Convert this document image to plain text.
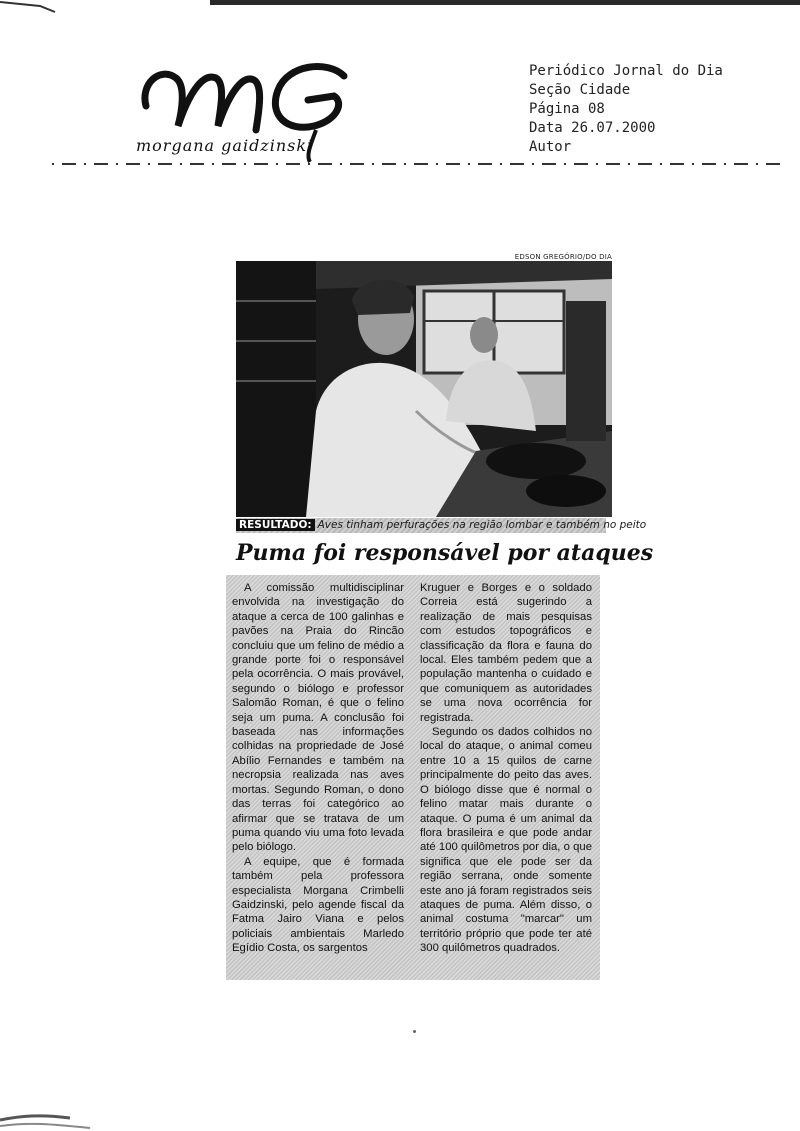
MG
morgana gaidzinski
Periódico Jornal do Dia
Seção Cidade
Página 08
Data 26.07.2000
Autor
EDSON GREGÓRIO/DO DIA
RESULTADO: Aves tinham perfurações na região lombar e também no peito
Puma foi responsável por ataques

A comissão multidisciplinar envolvida na investigação do ataque a cerca de 100 galinhas e pavões na Praia do Rincão concluiu que um felino de médio a grande porte foi o responsável pela ocorrência. O mais provável, segundo o biólogo e professor Salomão Roman, é que o felino seja um puma. A conclusão foi baseada nas informações colhidas na propriedade de José Abílio Fernandes e também na necropsia realizada nas aves mortas. Segundo Roman, o dono das terras foi categórico ao afirmar que se tratava de um puma quando viu uma foto levada pelo biólogo.

A equipe, que é formada também pela professora especialista Morgana Crimbelli Gaidzinski, pelo agende fiscal da Fatma Jairo Viana e pelos policiais ambientais Marledo Egídio Costa, os sargentos

Kruguer e Borges e o soldado Correia está sugerindo a realização de mais pesquisas com estudos topográficos e classificação da flora e fauna do local. Eles também pedem que a população mantenha o cuidado e que comuniquem as autoridades se uma nova ocorrência for registrada.

Segundo os dados colhidos no local do ataque, o animal comeu entre 10 a 15 quilos de carne principalmente do peito das aves. O biólogo disse que é normal o felino matar mais durante o ataque. O puma é um animal da flora brasileira e que pode andar até 100 quilômetros por dia, o que significa que ele pode ser da região serrana, onde somente este ano já foram registrados seis ataques de puma. Além disso, o animal costuma "marcar" um território próprio que pode ter até 300 quilômetros quadrados.
